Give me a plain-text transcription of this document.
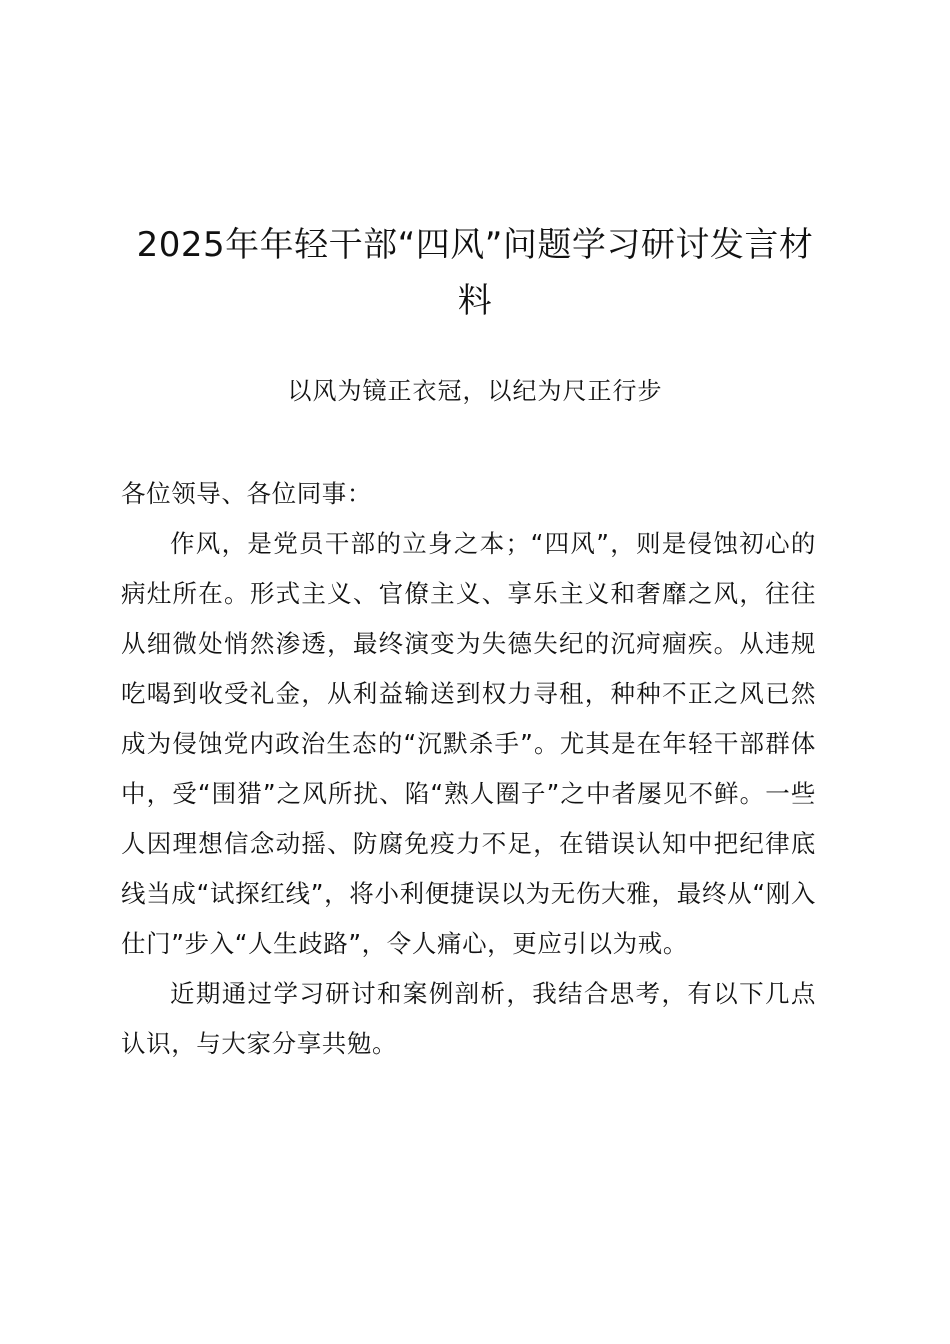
2025年年轻干部“四风”问题学习研讨发言材
料
以风为镜正衣冠，以纪为尺正行步

各位领导、各位同事：

作风，是党员干部的立身之本；“四风”，则是侵蚀初心的病灶所在。形式主义、官僚主义、享乐主义和奢靡之风，往往从细微处悄然渗透，最终演变为失德失纪的沉疴痼疾。从违规吃喝到收受礼金，从利益输送到权力寻租，种种不正之风已然成为侵蚀党内政治生态的“沉默杀手”。尤其是在年轻干部群体中，受“围猎”之风所扰、陷“熟人圈子”之中者屡见不鲜。一些人因理想信念动摇、防腐免疫力不足，在错误认知中把纪律底线当成“试探红线”，将小利便捷误以为无伤大雅，最终从“刚入仕门”步入“人生歧路”，令人痛心，更应引以为戒。

近期通过学习研讨和案例剖析，我结合思考，有以下几点认识，与大家分享共勉。
